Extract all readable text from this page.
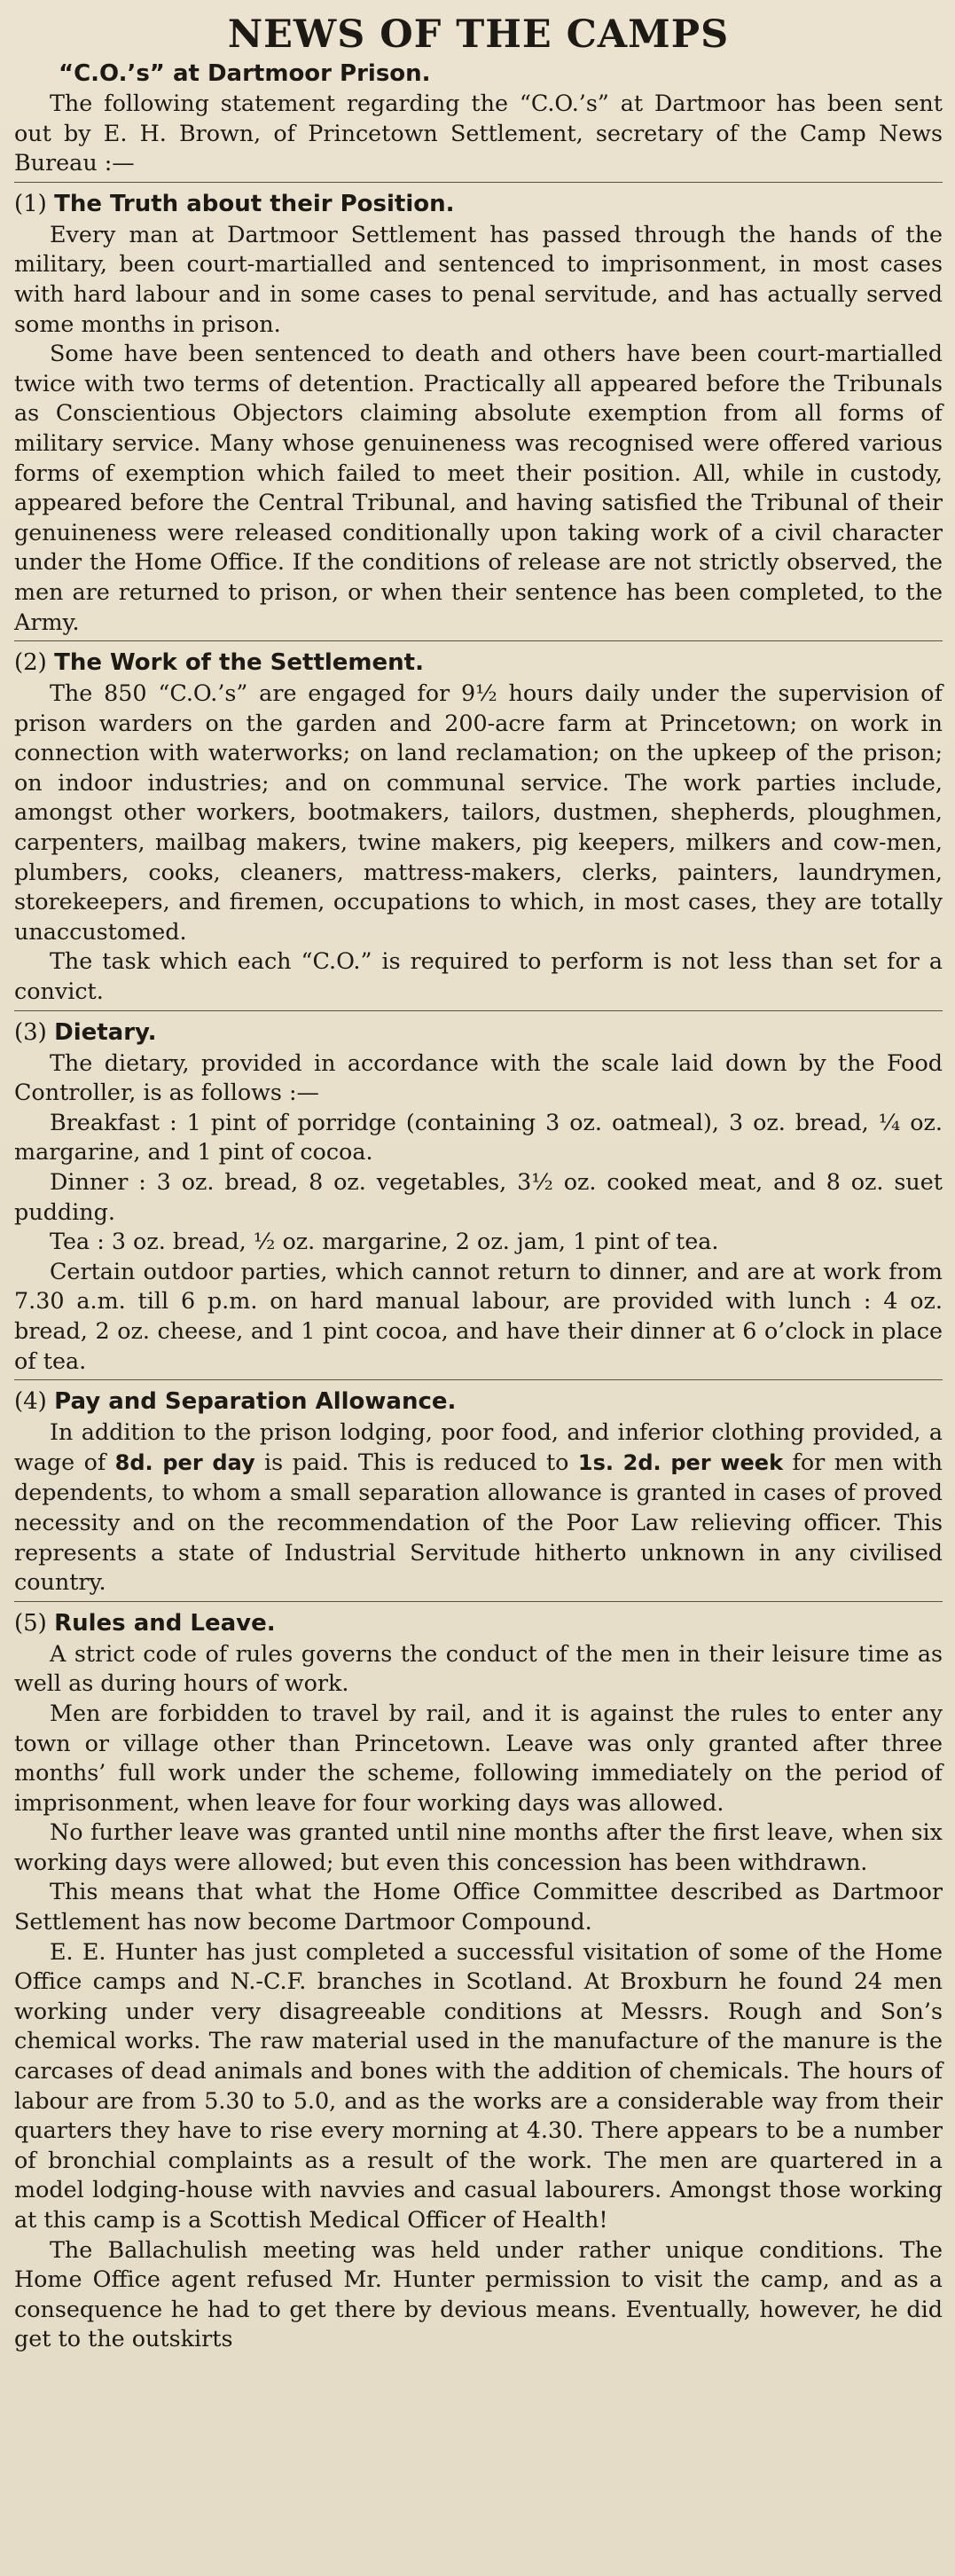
NEWS OF THE CAMPS
“C.O.’s” at Dartmoor Prison.

The following statement regarding the “C.O.’s” at Dartmoor has been sent out by E. H. Brown, of Princetown Settlement, secretary of the Camp News Bureau :—

(1) The Truth about their Position.

Every man at Dartmoor Settlement has passed through the hands of the military, been court-martialled and sentenced to imprisonment, in most cases with hard labour and in some cases to penal servitude, and has actually served some months in prison.

Some have been sentenced to death and others have been court-martialled twice with two terms of detention. Practically all appeared before the Tribunals as Conscientious Objectors claiming absolute exemption from all forms of military service. Many whose genuineness was recognised were offered various forms of exemption which failed to meet their position. All, while in custody, appeared before the Central Tribunal, and having satisfied the Tribunal of their genuineness were released conditionally upon taking work of a civil character under the Home Office. If the conditions of release are not strictly observed, the men are returned to prison, or when their sentence has been completed, to the Army.

(2) The Work of the Settlement.

The 850 “C.O.’s” are engaged for 9½ hours daily under the supervision of prison warders on the garden and 200-acre farm at Princetown; on work in connection with waterworks; on land reclamation; on the upkeep of the prison; on indoor industries; and on communal service. The work parties include, amongst other workers, bootmakers, tailors, dustmen, shepherds, ploughmen, carpenters, mailbag makers, twine makers, pig keepers, milkers and cow-men, plumbers, cooks, cleaners, mattress-makers, clerks, painters, laundrymen, storekeepers, and firemen, occupations to which, in most cases, they are totally unaccustomed.

The task which each “C.O.” is required to perform is not less than set for a convict.

(3) Dietary.

The dietary, provided in accordance with the scale laid down by the Food Controller, is as follows :—

Breakfast : 1 pint of porridge (containing 3 oz. oatmeal), 3 oz. bread, ¼ oz. margarine, and 1 pint of cocoa.

Dinner : 3 oz. bread, 8 oz. vegetables, 3½ oz. cooked meat, and 8 oz. suet pudding.

Tea : 3 oz. bread, ½ oz. margarine, 2 oz. jam, 1 pint of tea.

Certain outdoor parties, which cannot return to dinner, and are at work from 7.30 a.m. till 6 p.m. on hard manual labour, are provided with lunch : 4 oz. bread, 2 oz. cheese, and 1 pint cocoa, and have their dinner at 6 o’clock in place of tea.

(4) Pay and Separation Allowance.

In addition to the prison lodging, poor food, and inferior clothing provided, a wage of 8d. per day is paid. This is reduced to 1s. 2d. per week for men with dependents, to whom a small separation allowance is granted in cases of proved necessity and on the recommendation of the Poor Law relieving officer. This represents a state of Industrial Servitude hitherto unknown in any civilised country.

(5) Rules and Leave.

A strict code of rules governs the conduct of the men in their leisure time as well as during hours of work.

Men are forbidden to travel by rail, and it is against the rules to enter any town or village other than Princetown. Leave was only granted after three months’ full work under the scheme, following immediately on the period of imprisonment, when leave for four working days was allowed.

No further leave was granted until nine months after the first leave, when six working days were allowed; but even this concession has been withdrawn.

This means that what the Home Office Committee described as Dartmoor Settlement has now become Dartmoor Compound.

E. E. Hunter has just completed a successful visitation of some of the Home Office camps and N.-C.F. branches in Scotland. At Broxburn he found 24 men working under very disagreeable conditions at Messrs. Rough and Son’s chemical works. The raw material used in the manufacture of the manure is the carcases of dead animals and bones with the addition of chemicals. The hours of labour are from 5.30 to 5.0, and as the works are a considerable way from their quarters they have to rise every morning at 4.30. There appears to be a number of bronchial complaints as a result of the work. The men are quartered in a model lodging-house with navvies and casual labourers. Amongst those working at this camp is a Scottish Medical Officer of Health!

The Ballachulish meeting was held under rather unique conditions. The Home Office agent refused Mr. Hunter permission to visit the camp, and as a consequence he had to get there by devious means. Eventually, however, he did get to the outskirts
